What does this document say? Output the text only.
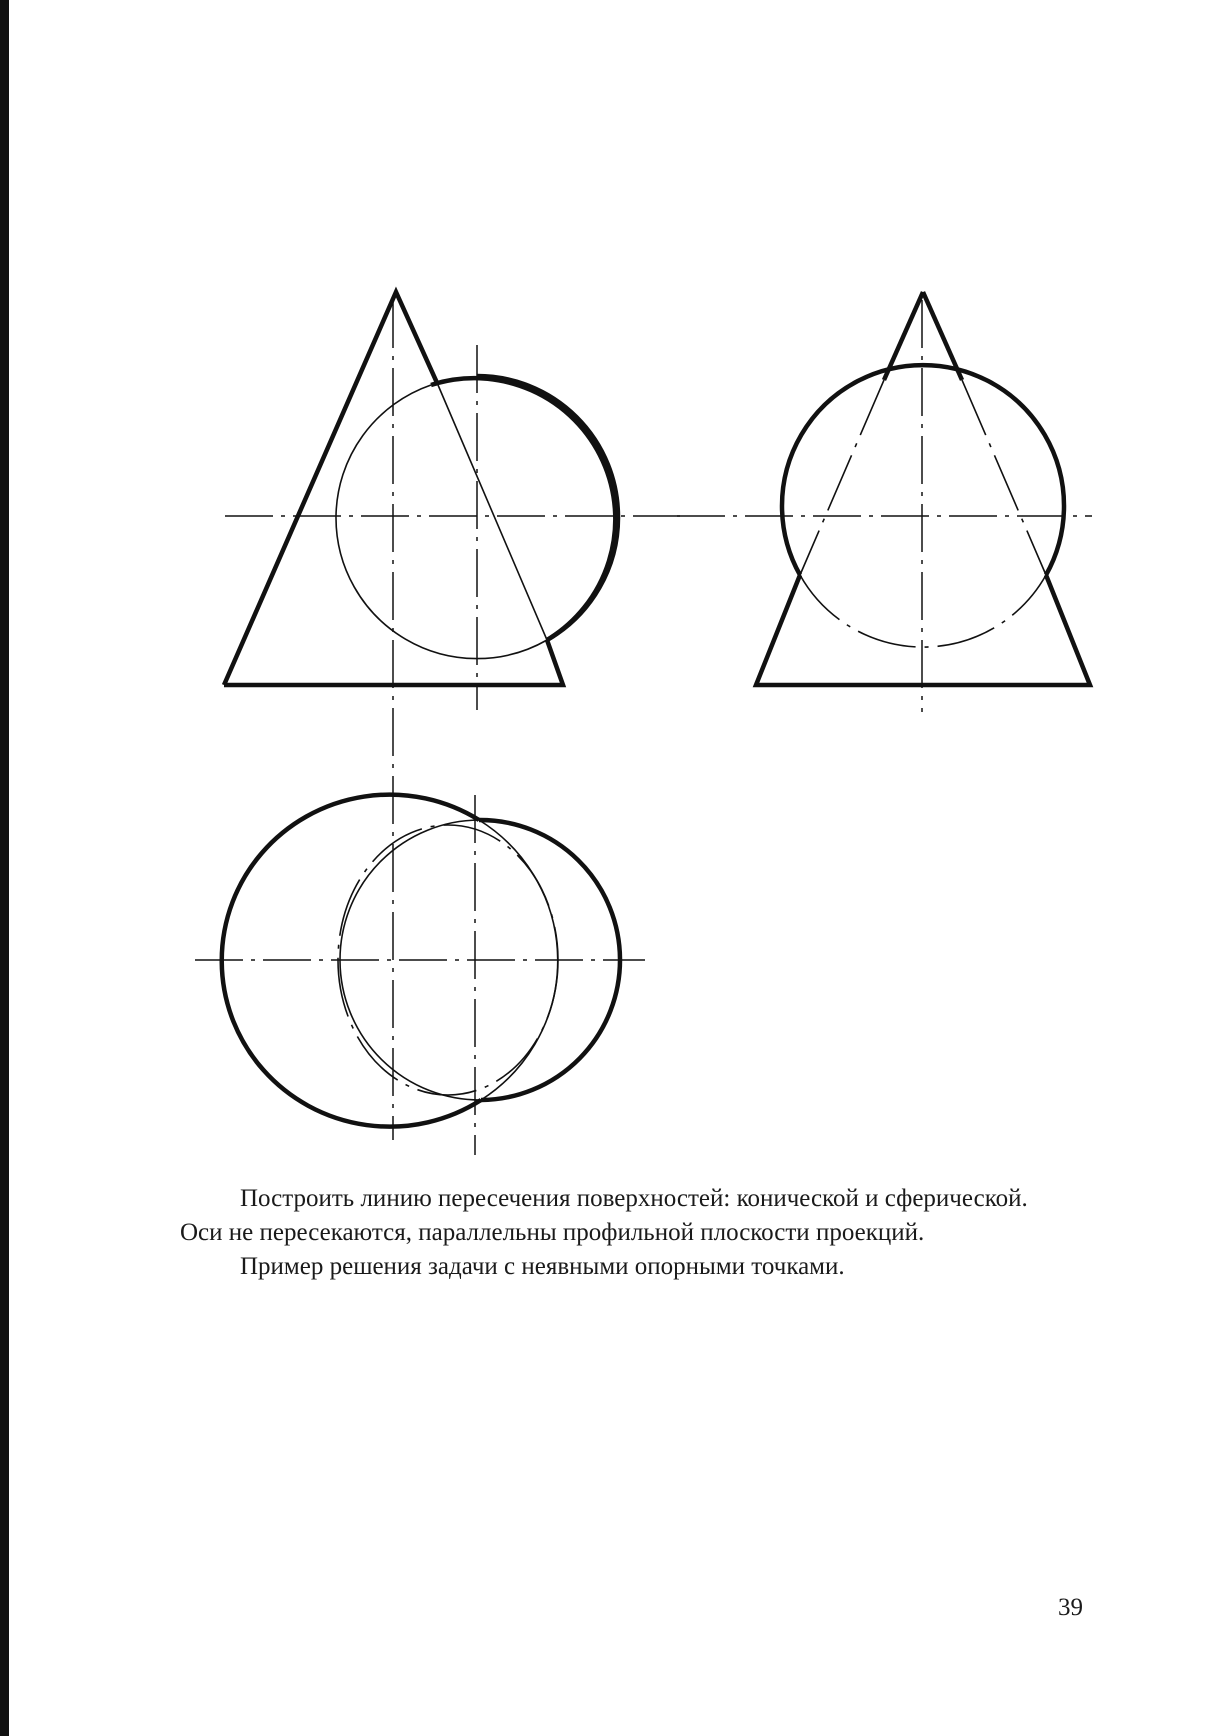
Построить линию пересечения поверхностей: конической и сферической.

Оси не пересекаются, параллельны профильной плоскости проекций.

Пример решения задачи с неявными опорными точками.

39
